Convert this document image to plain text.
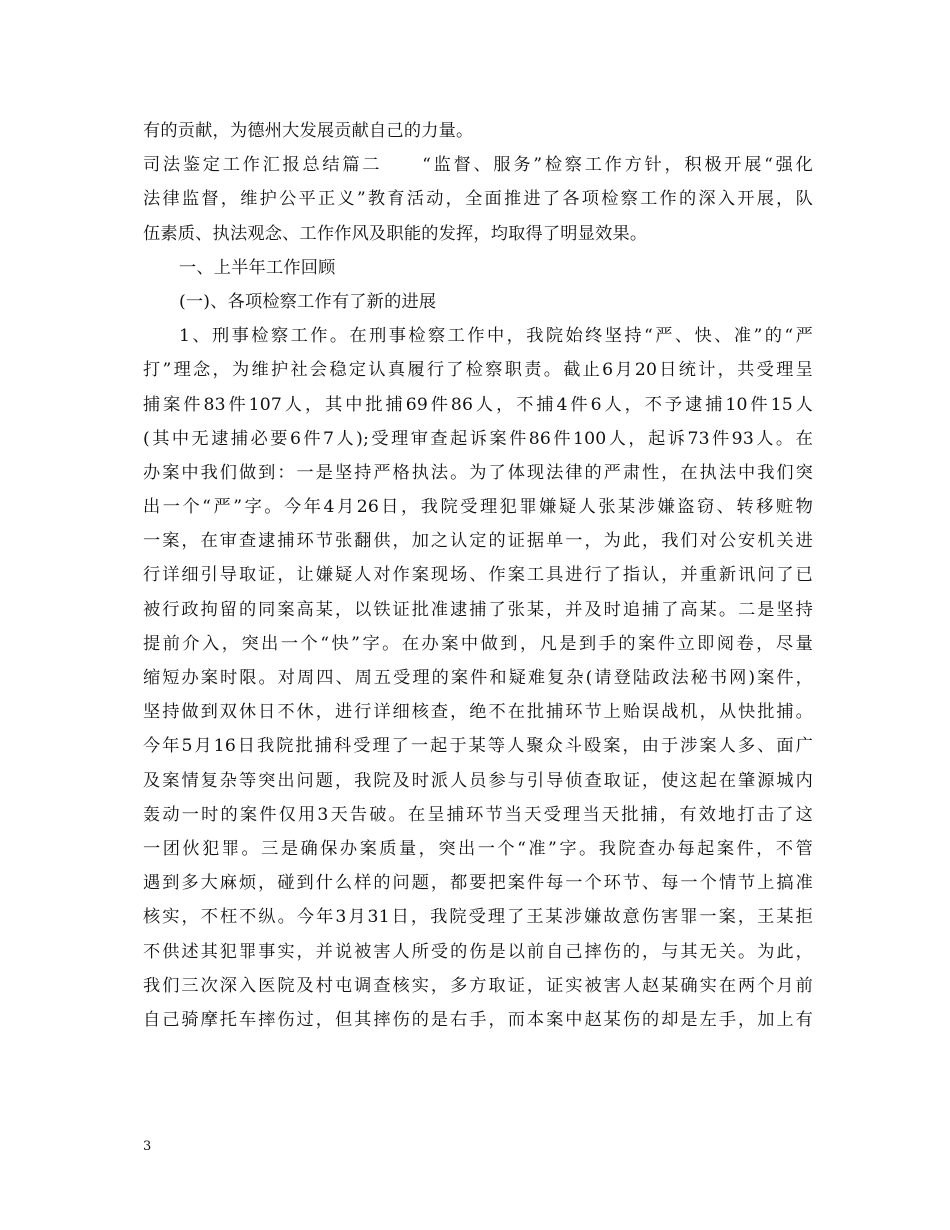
有的贡献，为德州大发展贡献自己的力量。
司法鉴定工作汇报总结篇二　　“监督、服务”检察工作方针，积极开展“强化
法律监督，维护公平正义”教育活动，全面推进了各项检察工作的深入开展，队
伍素质、执法观念、工作作风及职能的发挥，均取得了明显效果。
一、上半年工作回顾
(一)、各项检察工作有了新的进展
1、刑事检察工作。在刑事检察工作中，我院始终坚持“严、快、准”的“严
打”理念，为维护社会稳定认真履行了检察职责。截止6月20日统计，共受理呈
捕案件83件107人，其中批捕69件86人，不捕4件6人，不予逮捕10件15人
(其中无逮捕必要6件7人);受理审查起诉案件86件100人，起诉73件93人。在
办案中我们做到：一是坚持严格执法。为了体现法律的严肃性，在执法中我们突
出一个“严”字。今年4月26日，我院受理犯罪嫌疑人张某涉嫌盗窃、转移赃物
一案，在审查逮捕环节张翻供，加之认定的证据单一，为此，我们对公安机关进
行详细引导取证，让嫌疑人对作案现场、作案工具进行了指认，并重新讯问了已
被行政拘留的同案高某，以铁证批准逮捕了张某，并及时追捕了高某。二是坚持
提前介入，突出一个“快”字。在办案中做到，凡是到手的案件立即阅卷，尽量
缩短办案时限。对周四、周五受理的案件和疑难复杂(请登陆政法秘书网)案件，
坚持做到双休日不休，进行详细核查，绝不在批捕环节上贻误战机，从快批捕。
今年5月16日我院批捕科受理了一起于某等人聚众斗殴案，由于涉案人多、面广
及案情复杂等突出问题，我院及时派人员参与引导侦查取证，使这起在肇源城内
轰动一时的案件仅用3天告破。在呈捕环节当天受理当天批捕，有效地打击了这
一团伙犯罪。三是确保办案质量，突出一个“准”字。我院查办每起案件，不管
遇到多大麻烦，碰到什么样的问题，都要把案件每一个环节、每一个情节上搞准
核实，不枉不纵。今年3月31日，我院受理了王某涉嫌故意伤害罪一案，王某拒
不供述其犯罪事实，并说被害人所受的伤是以前自己摔伤的，与其无关。为此，
我们三次深入医院及村屯调查核实，多方取证，证实被害人赵某确实在两个月前
自己骑摩托车摔伤过，但其摔伤的是右手，而本案中赵某伤的却是左手，加上有
3
